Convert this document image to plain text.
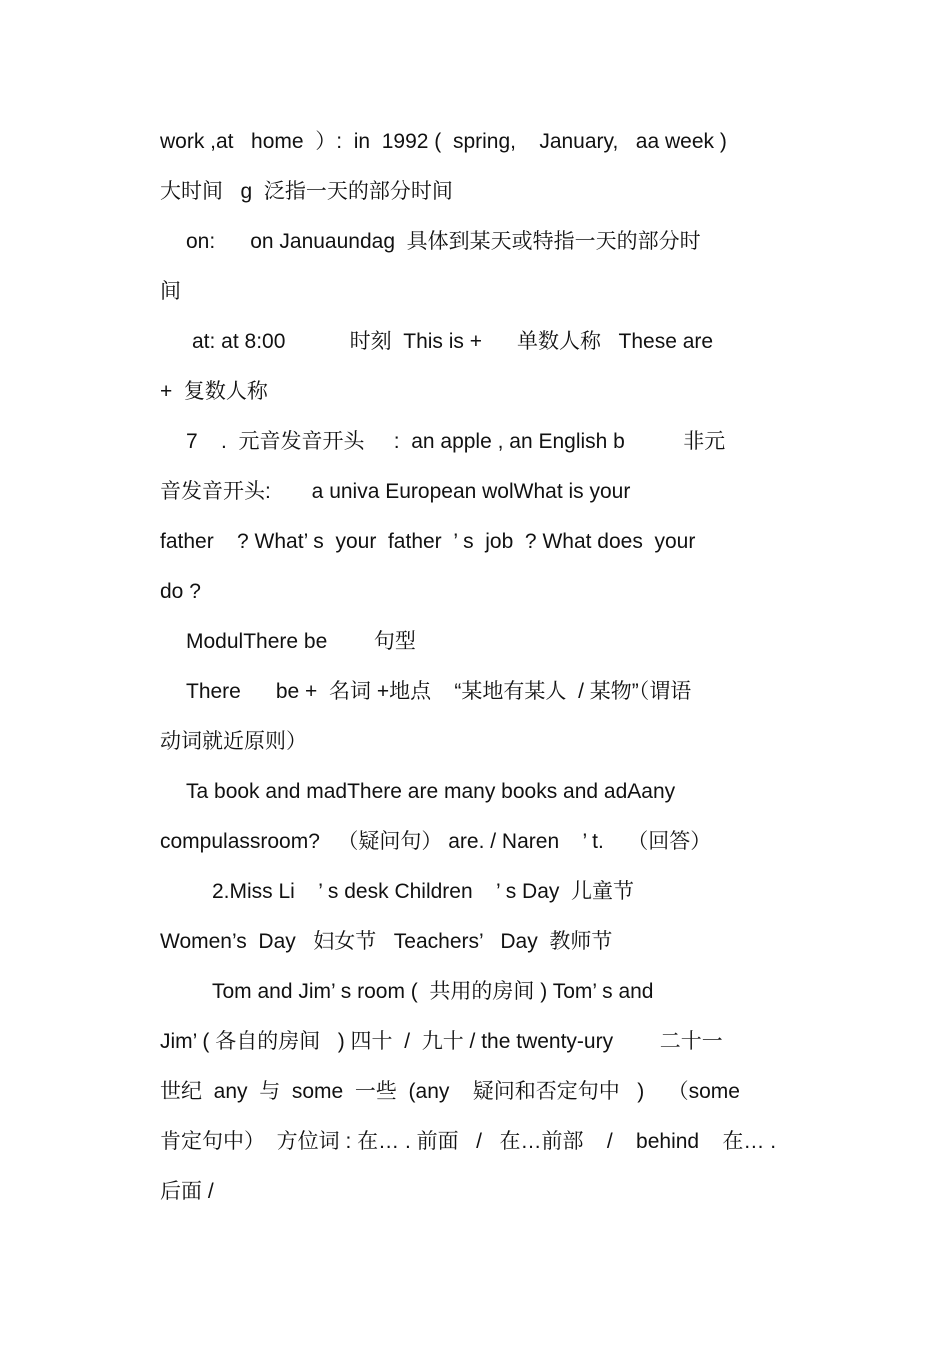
work ,at   home  ）:  in  1992 (  spring,    January,   aa week )
大时间   g  泛指一天的部分时间
on:      on Januaundag  具体到某天或特指一天的部分时
间
at: at 8:00           时刻  This is +      单数人称   These are
+  复数人称
7    .  元音发音开头     :  an apple , an English b          非元
音发音开头:       a univa European wolWhat is your
father    ? What’ s  your  father  ’ s  job  ? What does  your
do ?
ModulThere be        句型
There      be +  名词 +地点    “某地有某人  / 某物”（谓语
动词就近原则）
Ta book and madThere are many books and adAany
compulassroom?   （疑问句） are. / Naren    ’ t.    （回答）
2.Miss Li    ’ s desk Children    ’ s Day  儿童节
Women’s  Day   妇女节   Teachers’   Day  教师节
Tom and Jim’ s room (  共用的房间 ) Tom’ s and
Jim’ ( 各自的房间   ) 四十  /  九十 / the twenty-ury        二十一
世纪  any  与  some  一些  (any    疑问和否定句中   )    （some
肯定句中）  方位词 : 在… . 前面   /   在…前部    /    behind    在… .
后面 /
